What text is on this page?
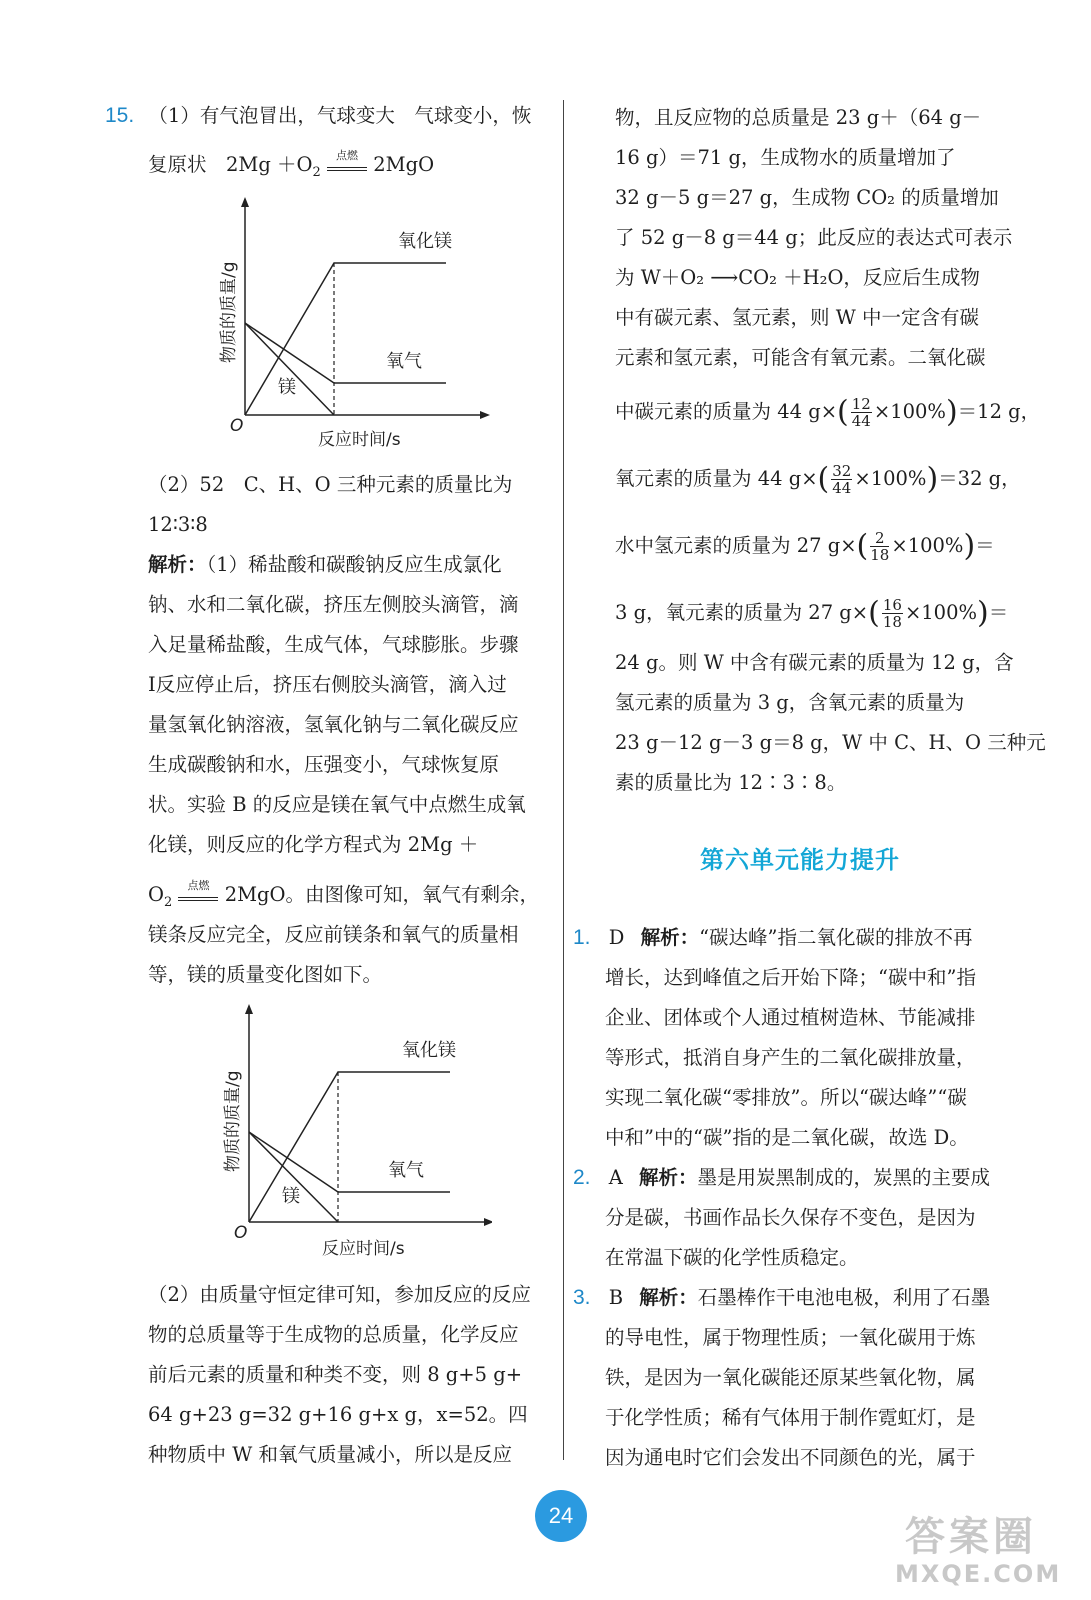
15. （1）有气泡冒出，气球变大　气球变小，恢
复原状　$2Mg +O_2$
点燃 2MgO
氧化镁
氧气
镁
O
反应时间/s
物质的质量/g
（2）52　C、H、O 三种元素的质量比为
12∶3∶8
解析：（1）稀盐酸和碳酸钠反应生成氯化
钠、水和二氧化碳，挤压左侧胶头滴管，滴
入足量稀盐酸，生成气体，气球膨胀。步骤
Ⅰ反应停止后，挤压右侧胶头滴管，滴入过
量氢氧化钠溶液，氢氧化钠与二氧化碳反应
生成碳酸钠和水，压强变小，气球恢复原
状。实验 B 的反应是镁在氧气中点燃生成氧
化镁，则反应的化学方程式为 2Mg ＋
$O_2$
点燃 2MgO。由图像可知，氧气有剩余，
镁条反应完全，反应前镁条和氧气的质量相
等，镁的质量变化图如下。
氧化镁
氧气
镁
O
反应时间/s
物质的质量/g
（2）由质量守恒定律可知，参加反应的反应
物的总质量等于生成物的总质量，化学反应
前后元素的质量和种类不变，则 8 g+5 g+
64 g+23 g=32 g+16 g+x g，x=52。四
种物质中 W 和氧气质量减小，所以是反应
物，且反应物的总质量是 23 g＋（64 g－
16 g）＝71 g，生成物水的质量增加了
32 g－5 g＝27 g，生成物 CO₂ 的质量增加
了 52 g－8 g＝44 g；此反应的表达式可表示
为 W＋O₂ ⟶CO₂ ＋H₂O，反应后生成物
中有碳元素、氢元素，则 W 中一定含有碳
元素和氢元素，可能含有氧元素。二氧化碳
中碳元素的质量为 44 $g\times( \frac{12}{44} \times 100\%)=12$ g，
氧元素的质量为 44 $g\times( \frac{32}{44} \times 100\%)=32$ g，
水中氢元素的质量为 27 $g\times( \frac{2}{18} \times 100\%)=$
3 g，氧元素的质量为 27 $g\times( \frac{16}{18} \times 100\%)=$
24 g。则 W 中含有碳元素的质量为 12 g，含
氢元素的质量为 3 g，含氧元素的质量为
23 g－12 g－3 g＝8 g，W 中 C、H、O 三种元
素的质量比为 12∶3∶8。
第六单元能力提升
1. D 解析：“碳达峰”指二氧化碳的排放不再
增长，达到峰值之后开始下降；“碳中和”指
企业、团体或个人通过植树造林、节能减排
等形式，抵消自身产生的二氧化碳排放量，
实现二氧化碳“零排放”。所以“碳达峰”“碳
中和”中的“碳”指的是二氧化碳，故选 D。
2. A 解析：墨是用炭黑制成的，炭黑的主要成
分是碳，书画作品长久保存不变色，是因为
在常温下碳的化学性质稳定。
3. B 解析：石墨棒作干电池电极，利用了石墨
的导电性，属于物理性质；一氧化碳用于炼
铁，是因为一氧化碳能还原某些氧化物，属
于化学性质；稀有气体用于制作霓虹灯，是
因为通电时它们会发出不同颜色的光，属于
24	答案圈
MXQE.COM
